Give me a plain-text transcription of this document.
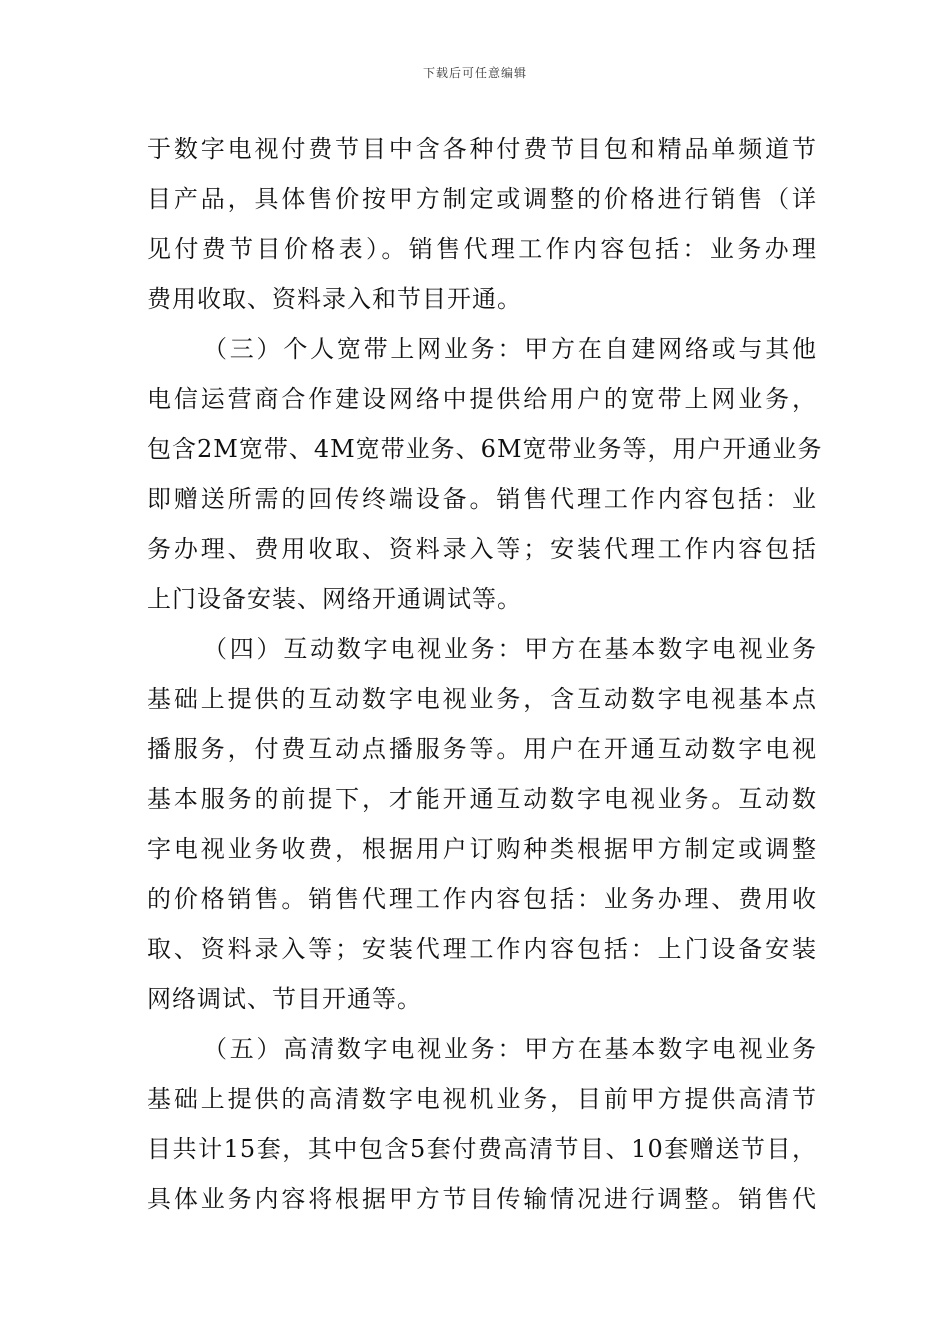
下载后可任意编辑
于数字电视付费节目中含各种付费节目包和精品单频道节
目产品，具体售价按甲方制定或调整的价格进行销售（详
见付费节目价格表）。销售代理工作内容包括：业务办理
费用收取、资料录入和节目开通。
（三）个人宽带上网业务：甲方在自建网络或与其他
电信运营商合作建设网络中提供给用户的宽带上网业务，
包含2M宽带、4M宽带业务、6M宽带业务等，用户开通业务
即赠送所需的回传终端设备。销售代理工作内容包括：业
务办理、费用收取、资料录入等；安装代理工作内容包括
上门设备安装、网络开通调试等。
（四）互动数字电视业务：甲方在基本数字电视业务
基础上提供的互动数字电视业务，含互动数字电视基本点
播服务，付费互动点播服务等。用户在开通互动数字电视
基本服务的前提下，才能开通互动数字电视业务。互动数
字电视业务收费，根据用户订购种类根据甲方制定或调整
的价格销售。销售代理工作内容包括：业务办理、费用收
取、资料录入等；安装代理工作内容包括：上门设备安装
网络调试、节目开通等。
（五）高清数字电视业务：甲方在基本数字电视业务
基础上提供的高清数字电视机业务，目前甲方提供高清节
目共计15套，其中包含5套付费高清节目、10套赠送节目，
具体业务内容将根据甲方节目传输情况进行调整。销售代
